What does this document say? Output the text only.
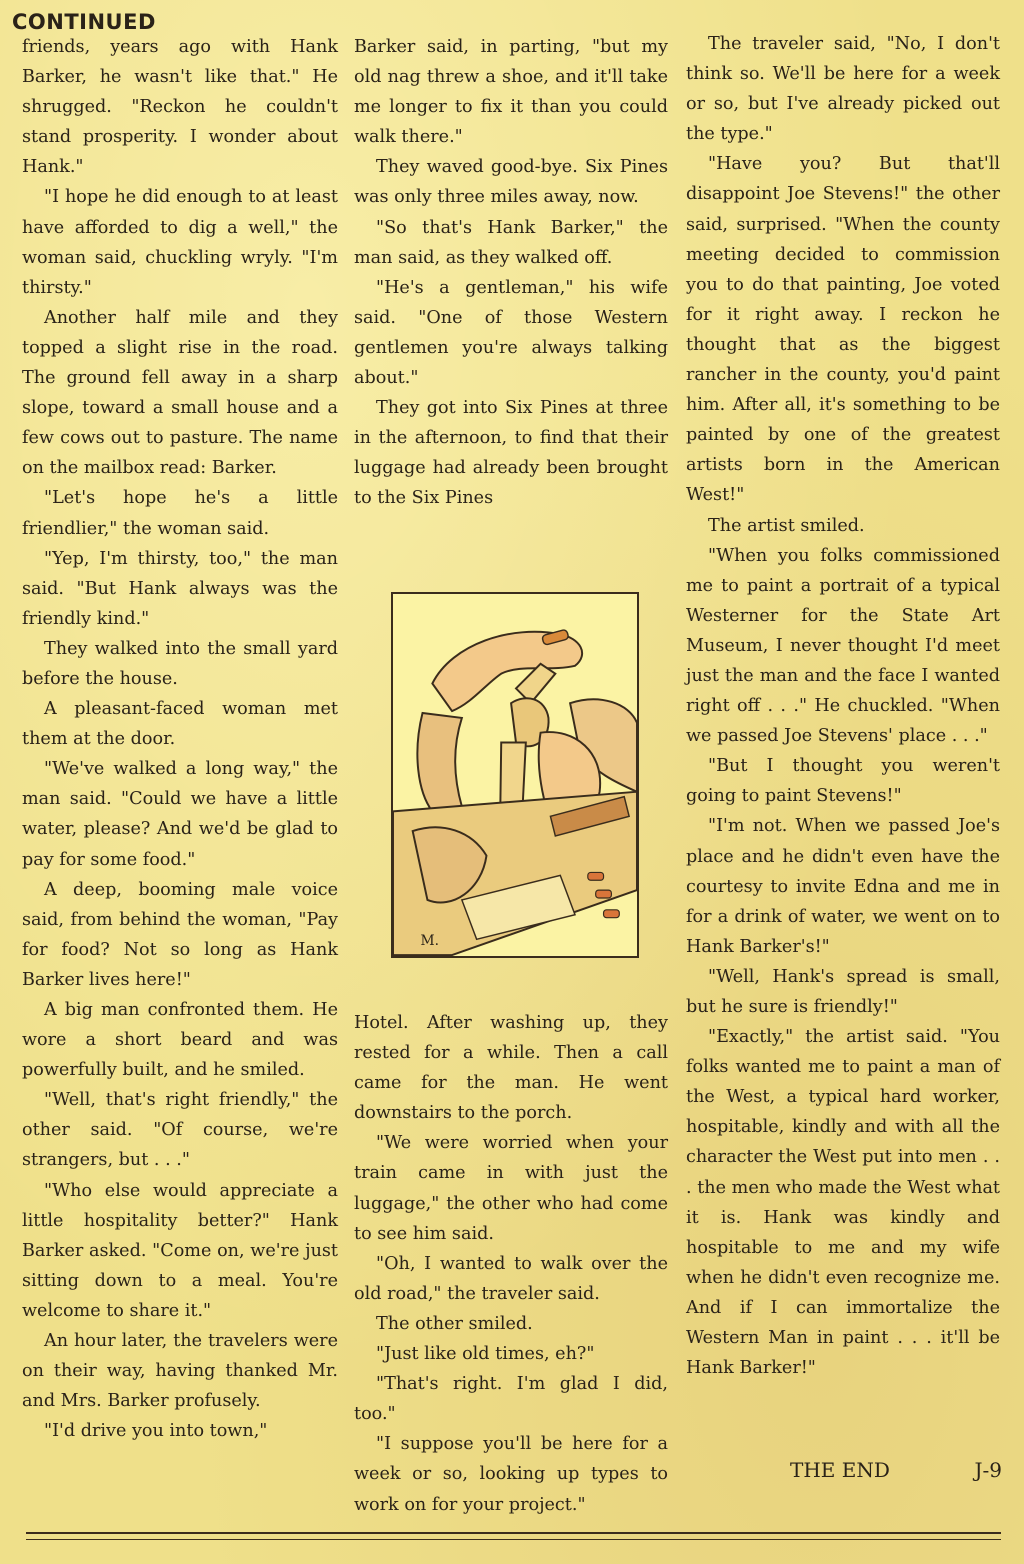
CONTINUED

friends, years ago with Hank Barker, he wasn't like that." He shrugged. "Reckon he couldn't stand prosperity. I wonder about Hank."

"I hope he did enough to at least have afforded to dig a well," the woman said, chuckling wryly. "I'm thirsty."

Another half mile and they topped a slight rise in the road. The ground fell away in a sharp slope, toward a small house and a few cows out to pasture. The name on the mailbox read: Barker.

"Let's hope he's a little friendlier," the woman said.

"Yep, I'm thirsty, too," the man said. "But Hank always was the friendly kind."

They walked into the small yard before the house.

A pleasant-faced woman met them at the door.

"We've walked a long way," the man said. "Could we have a little water, please? And we'd be glad to pay for some food."

A deep, booming male voice said, from behind the woman, "Pay for food? Not so long as Hank Barker lives here!"

A big man confronted them. He wore a short beard and was powerfully built, and he smiled.

"Well, that's right friendly," the other said. "Of course, we're strangers, but . . ."

"Who else would appreciate a little hospitality better?" Hank Barker asked. "Come on, we're just sitting down to a meal. You're welcome to share it."

An hour later, the travelers were on their way, having thanked Mr. and Mrs. Barker profusely.

"I'd drive you into town,"

Barker said, in parting, "but my old nag threw a shoe, and it'll take me longer to fix it than you could walk there."

They waved good-bye. Six Pines was only three miles away, now.

"So that's Hank Barker," the man said, as they walked off.

"He's a gentleman," his wife said. "One of those Western gentlemen you're always talking about."

They got into Six Pines at three in the afternoon, to find that their luggage had already been brought to the Six Pines

M.

Hotel. After washing up, they rested for a while. Then a call came for the man. He went downstairs to the porch.

"We were worried when your train came in with just the luggage," the other who had come to see him said.

"Oh, I wanted to walk over the old road," the traveler said.

The other smiled.

"Just like old times, eh?"

"That's right. I'm glad I did, too."

"I suppose you'll be here for a week or so, looking up types to work on for your project."

The traveler said, "No, I don't think so. We'll be here for a week or so, but I've already picked out the type."

"Have you? But that'll disappoint Joe Stevens!" the other said, surprised. "When the county meeting decided to commission you to do that painting, Joe voted for it right away. I reckon he thought that as the biggest rancher in the county, you'd paint him. After all, it's something to be painted by one of the greatest artists born in the American West!"

The artist smiled.

"When you folks commissioned me to paint a portrait of a typical Westerner for the State Art Museum, I never thought I'd meet just the man and the face I wanted right off . . ." He chuckled. "When we passed Joe Stevens' place . . ."

"But I thought you weren't going to paint Stevens!"

"I'm not. When we passed Joe's place and he didn't even have the courtesy to invite Edna and me in for a drink of water, we went on to Hank Barker's!"

"Well, Hank's spread is small, but he sure is friendly!"

"Exactly," the artist said. "You folks wanted me to paint a man of the West, a typical hard worker, hospitable, kindly and with all the character the West put into men . . . the men who made the West what it is. Hank was kindly and hospitable to me and my wife when he didn't even recognize me. And if I can immortalize the Western Man in paint . . . it'll be Hank Barker!"

THE END	J-9
